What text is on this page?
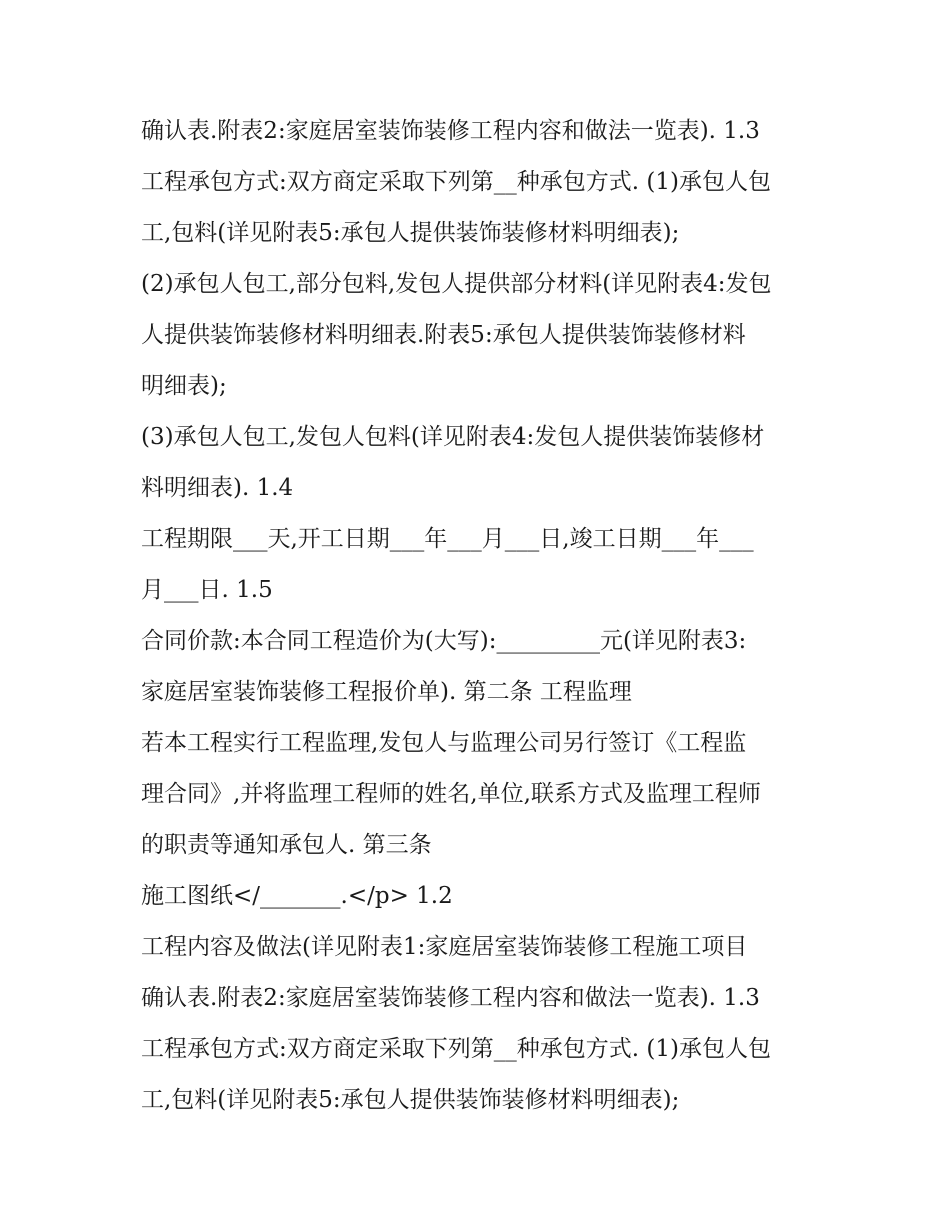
确认表.附表2:家庭居室装饰装修工程内容和做法一览表). 1.3
工程承包方式:双方商定采取下列第__种承包方式. (1)承包人包
工,包料(详见附表5:承包人提供装饰装修材料明细表);
(2)承包人包工,部分包料,发包人提供部分材料(详见附表4:发包
人提供装饰装修材料明细表.附表5:承包人提供装饰装修材料
明细表);
(3)承包人包工,发包人包料(详见附表4:发包人提供装饰装修材
料明细表). 1.4
工程期限___天,开工日期___年___月___日,竣工日期___年___
月___日. 1.5
合同价款:本合同工程造价为(大写):_________元(详见附表3:
家庭居室装饰装修工程报价单). 第二条 工程监理
若本工程实行工程监理,发包人与监理公司另行签订《工程监
理合同》,并将监理工程师的姓名,单位,联系方式及监理工程师
的职责等通知承包人. 第三条
施工图纸</_______.</p> 1.2
工程内容及做法(详见附表1:家庭居室装饰装修工程施工项目
确认表.附表2:家庭居室装饰装修工程内容和做法一览表). 1.3
工程承包方式:双方商定采取下列第__种承包方式. (1)承包人包
工,包料(详见附表5:承包人提供装饰装修材料明细表);
